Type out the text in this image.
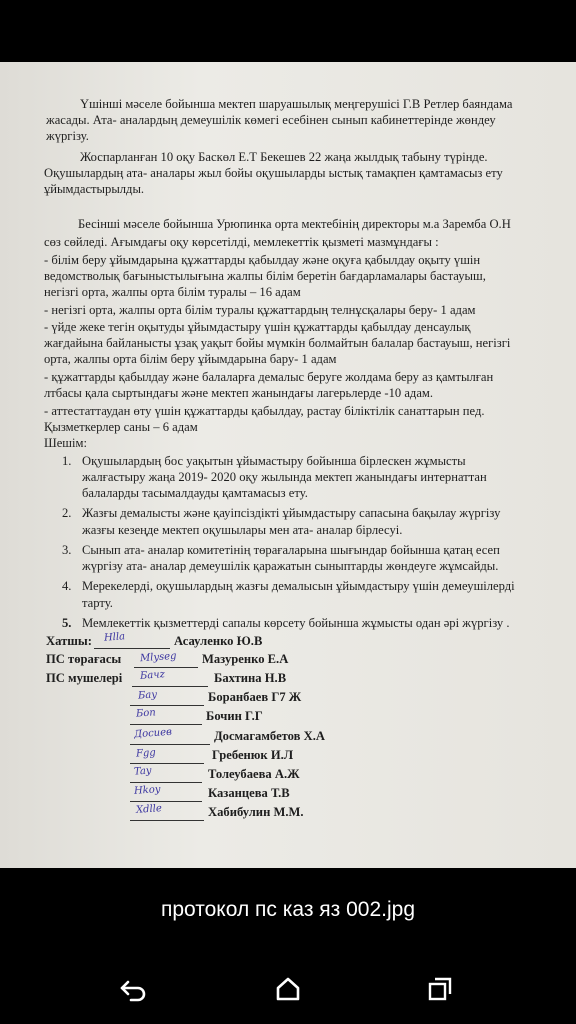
Үшінші мәселе бойынша мектеп шаруашылық меңгерушісі Г.В Ретлер баяндама
жасады. Ата- аналардың демеушілік көмегі есебінен сынып кабинеттерінде жөндеу
жүргізу.
Жоспарланған 10 оқу Баскөл Е.Т Бекешев 22 жаңа жылдық табыну түрінде.
Оқушылардың ата- аналары жыл бойы оқушыларды ыстық тамақпен қамтамасыз ету
ұйымдастырылды.
Бесінші мәселе бойынша Урюпинка орта мектебінің директоры м.а Заремба О.Н
сөз сөйледі. Ағымдағы оқу көрсетілді, мемлекеттік қызметі мазмұндағы :
- білім беру ұйымдарына құжаттарды қабылдау және оқуға қабылдау оқыту үшін
ведомстволық бағыныстылығына жалпы білім беретін бағдарламалары бастауыш,
негізгі орта, жалпы орта білім туралы – 16 адам
- негізгі орта, жалпы орта білім туралы құжаттардың телнұсқалары беру- 1 адам
- үйде жеке тегін оқытуды ұйымдастыру үшін құжаттарды қабылдау денсаулық
жағдайына байланысты ұзақ уақыт бойы мүмкін болмайтын балалар бастауыш, негізгі
орта, жалпы орта білім беру ұйымдарына бару- 1 адам
- құжаттарды қабылдау және балаларға демалыс беруге жолдама беру аз қамтылған
лтбасы қала сыртындағы және мектеп жанындағы лагерьлерде -10 адам.
- аттестаттаудан өту үшін құжаттарды қабылдау, растау біліктілік санаттарын пед.
Қызметкерлер саны – 6 адам
Шешім:
1. Оқушылардың бос уақытын ұйымастыру бойынша бірлескен жұмысты
жалғастыру жаңа 2019- 2020 оқу жылында мектеп жанындағы интернаттан
балаларды тасымалдауды қамтамасыз ету.
2. Жазғы демалысты және қауіпсіздікті ұйымдастыру сапасына бақылау жүргізу
жазғы кезеңде мектеп оқушылары мен ата- аналар бірлесуі.
3. Сынып ата- аналар комитетінің төрағаларына шығындар бойынша қатаң есеп
жүргізу ата- аналар демеушілік қаражатын сыныптарды жөндеуге жұмсайды.
4. Мерекелерді, оқушылардың жазғы демалысын ұйымдастыру үшін демеушілерді
тарту.
5. Мемлекеттік қызметтерді сапалы көрсету бойынша жұмысты одан әрі жүргізу .
Хатшы: Hlla	Асауленко Ю.В
ПС төрағасы Mlyseg Мазуренко Е.А
ПС мушелері Бачz	Бахтина Н.В
Бay	Боранбаев Г7 Ж
Бon	Бочин Г.Г
Досиев	Досмагамбетов Х.А
Fgg	Гребенюк И.Л
Tay	Толеубаева А.Ж
Hkoy	Казанцева Т.В
Xdlle	Хабибулин М.М.
протокол пс каз яз 002.jpg
